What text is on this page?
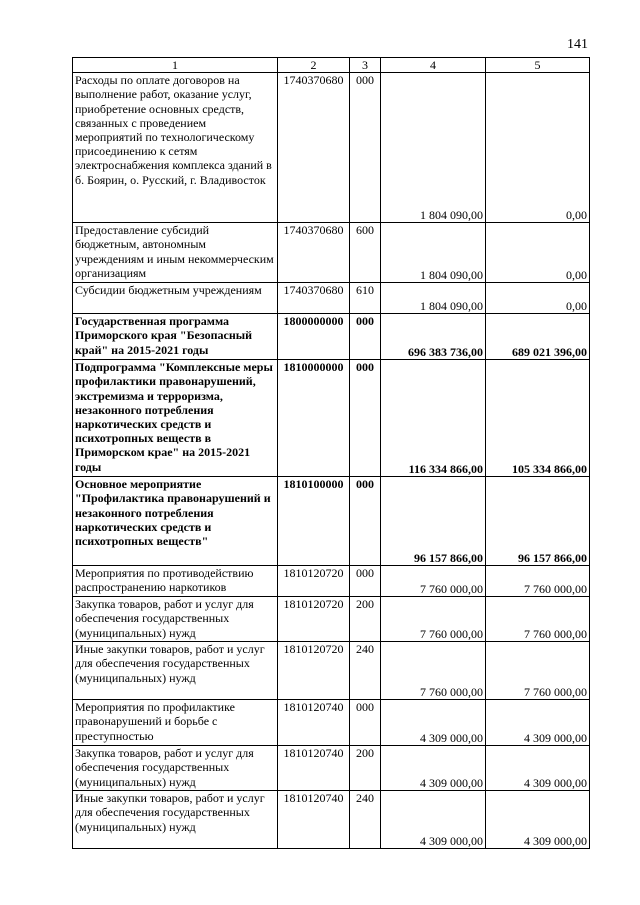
141
1	2	3	4	5
Расходы по оплате договоров на выполнение работ, оказание услуг, приобретение основных средств, связанных с проведением мероприятий по технологическому присоединению к сетям электроснабжения комплекса зданий в б. Боярин, о. Русский, г. Владивосток	1740370680	000	1 804 090,00	0,00
Предоставление субсидий бюджетным, автономным учреждениям и иным некоммерческим организациям	1740370680	600	1 804 090,00	0,00
Субсидии бюджетным учреждениям	1740370680	610	1 804 090,00	0,00
Государственная программа Приморского края "Безопасный край" на 2015-2021 годы	1800000000	000	696 383 736,00	689 021 396,00
Подпрограмма "Комплексные меры профилактики правонарушений, экстремизма и терроризма, незаконного потребления наркотических средств и психотропных веществ в Приморском крае" на 2015-2021 годы	1810000000	000	116 334 866,00	105 334 866,00
Основное мероприятие "Профилактика правонарушений и незаконного потребления наркотических средств и психотропных веществ"	1810100000	000	96 157 866,00	96 157 866,00
Мероприятия по противодействию распространению наркотиков	1810120720	000	7 760 000,00	7 760 000,00
Закупка товаров, работ и услуг для обеспечения государственных (муниципальных) нужд	1810120720	200	7 760 000,00	7 760 000,00
Иные закупки товаров, работ и услуг для обеспечения государственных (муниципальных) нужд	1810120720	240	7 760 000,00	7 760 000,00
Мероприятия по профилактике правонарушений и борьбе с преступностью	1810120740	000	4 309 000,00	4 309 000,00
Закупка товаров, работ и услуг для обеспечения государственных (муниципальных) нужд	1810120740	200	4 309 000,00	4 309 000,00
Иные закупки товаров, работ и услуг для обеспечения государственных (муниципальных) нужд	1810120740	240	4 309 000,00	4 309 000,00
